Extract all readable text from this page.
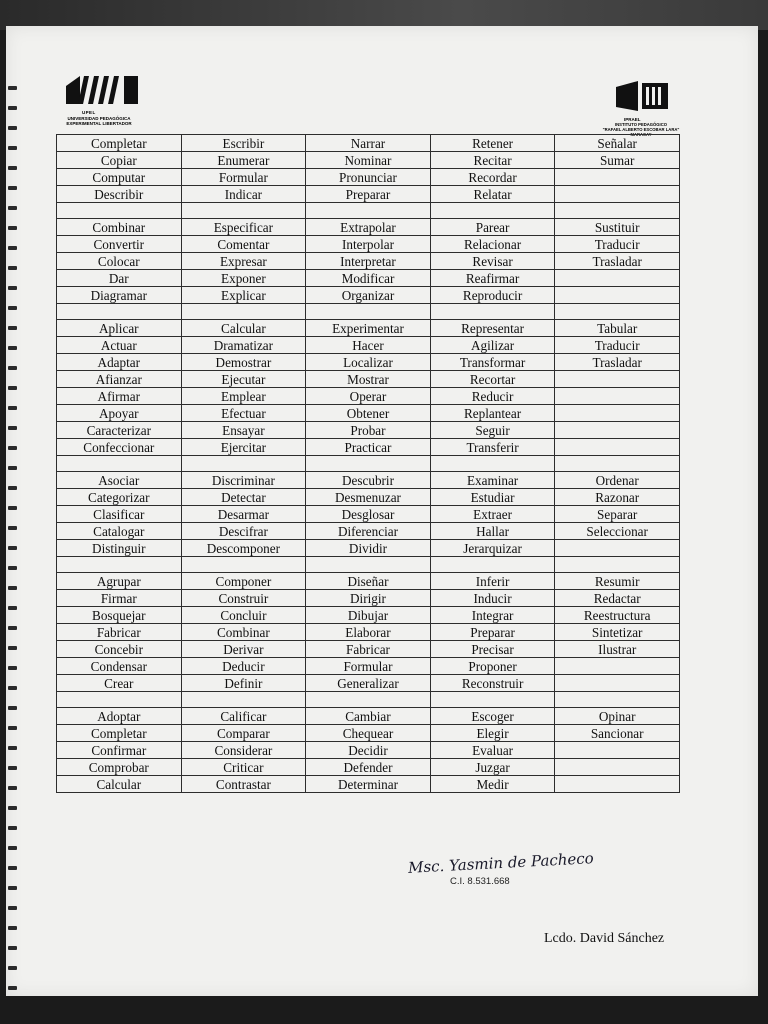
UPEL
UNIVERSIDAD PEDAGÓGICA
EXPERIMENTAL LIBERTADOR
IPRAEL
INSTITUTO PEDAGÓGICO
"RAFAEL ALBERTO ESCOBAR LARA"
MARACAY
Completar	Escribir	Narrar	Retener	Señalar
Copiar	Enumerar	Nominar	Recitar	Sumar
Computar	Formular	Pronunciar	Recordar	
Describir	Indicar	Preparar	Relatar	

Combinar	Especificar	Extrapolar	Parear	Sustituir
Convertir	Comentar	Interpolar	Relacionar	Traducir
Colocar	Expresar	Interpretar	Revisar	Trasladar
Dar	Exponer	Modificar	Reafirmar	
Diagramar	Explicar	Organizar	Reproducir	

Aplicar	Calcular	Experimentar	Representar	Tabular
Actuar	Dramatizar	Hacer	Agilizar	Traducir
Adaptar	Demostrar	Localizar	Transformar	Trasladar
Afianzar	Ejecutar	Mostrar	Recortar	
Afirmar	Emplear	Operar	Reducir	
Apoyar	Efectuar	Obtener	Replantear	
Caracterizar	Ensayar	Probar	Seguir	
Confeccionar	Ejercitar	Practicar	Transferir	

Asociar	Discriminar	Descubrir	Examinar	Ordenar
Categorizar	Detectar	Desmenuzar	Estudiar	Razonar
Clasificar	Desarmar	Desglosar	Extraer	Separar
Catalogar	Descifrar	Diferenciar	Hallar	Seleccionar
Distinguir	Descomponer	Dividir	Jerarquizar	

Agrupar	Componer	Diseñar	Inferir	Resumir
Firmar	Construir	Dirigir	Inducir	Redactar
Bosquejar	Concluir	Dibujar	Integrar	Reestructura
Fabricar	Combinar	Elaborar	Preparar	Sintetizar
Concebir	Derivar	Fabricar	Precisar	Ilustrar
Condensar	Deducir	Formular	Proponer	
Crear	Definir	Generalizar	Reconstruir	

Adoptar	Calificar	Cambiar	Escoger	Opinar
Completar	Comparar	Chequear	Elegir	Sancionar
Confirmar	Considerar	Decidir	Evaluar	
Comprobar	Criticar	Defender	Juzgar	
Calcular	Contrastar	Determinar	Medir	
Msc. Yasmin de Pacheco
C.I. 8.531.668
Lcdo. David Sánchez
